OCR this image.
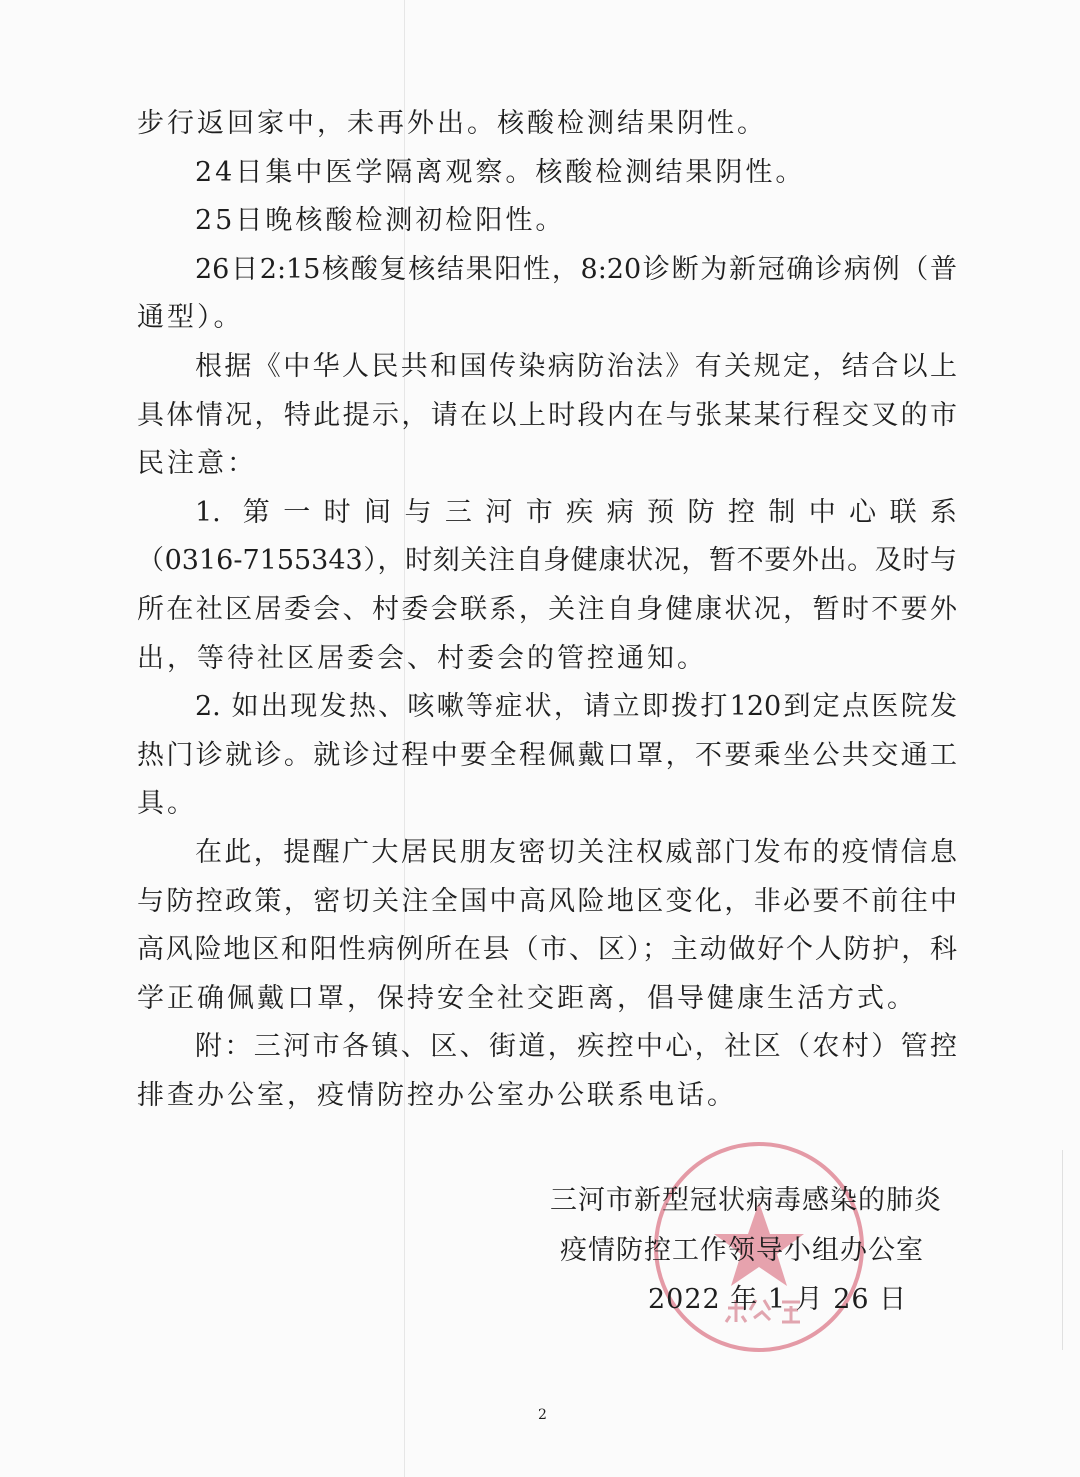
步行返回家中，未再外出。核酸检测结果阴性。
24日集中医学隔离观察。核酸检测结果阴性。
25日晚核酸检测初检阳性。
26日2:15核酸复核结果阳性，8:20诊断为新冠确诊病例（普
通型）。
根据《中华人民共和国传染病防治法》有关规定，结合以上
具体情况，特此提示，请在以上时段内在与张某某行程交叉的市
民注意：
1. 第一时间与三河市疾病预防控制中心联系
（0316-7155343），时刻关注自身健康状况，暂不要外出。及时与
所在社区居委会、村委会联系，关注自身健康状况，暂时不要外
出，等待社区居委会、村委会的管控通知。
2. 如出现发热、咳嗽等症状，请立即拨打120到定点医院发
热门诊就诊。就诊过程中要全程佩戴口罩，不要乘坐公共交通工
具。
在此，提醒广大居民朋友密切关注权威部门发布的疫情信息
与防控政策，密切关注全国中高风险地区变化，非必要不前往中
高风险地区和阳性病例所在县（市、区）；主动做好个人防护，科
学正确佩戴口罩，保持安全社交距离，倡导健康生活方式。
附：三河市各镇、区、街道，疾控中心，社区（农村）管控
排查办公室，疫情防控办公室办公联系电话。
三河市新型冠状病毒感染的肺炎
疫情防控工作领导小组办公室
2022 年 1 月 26 日
2
